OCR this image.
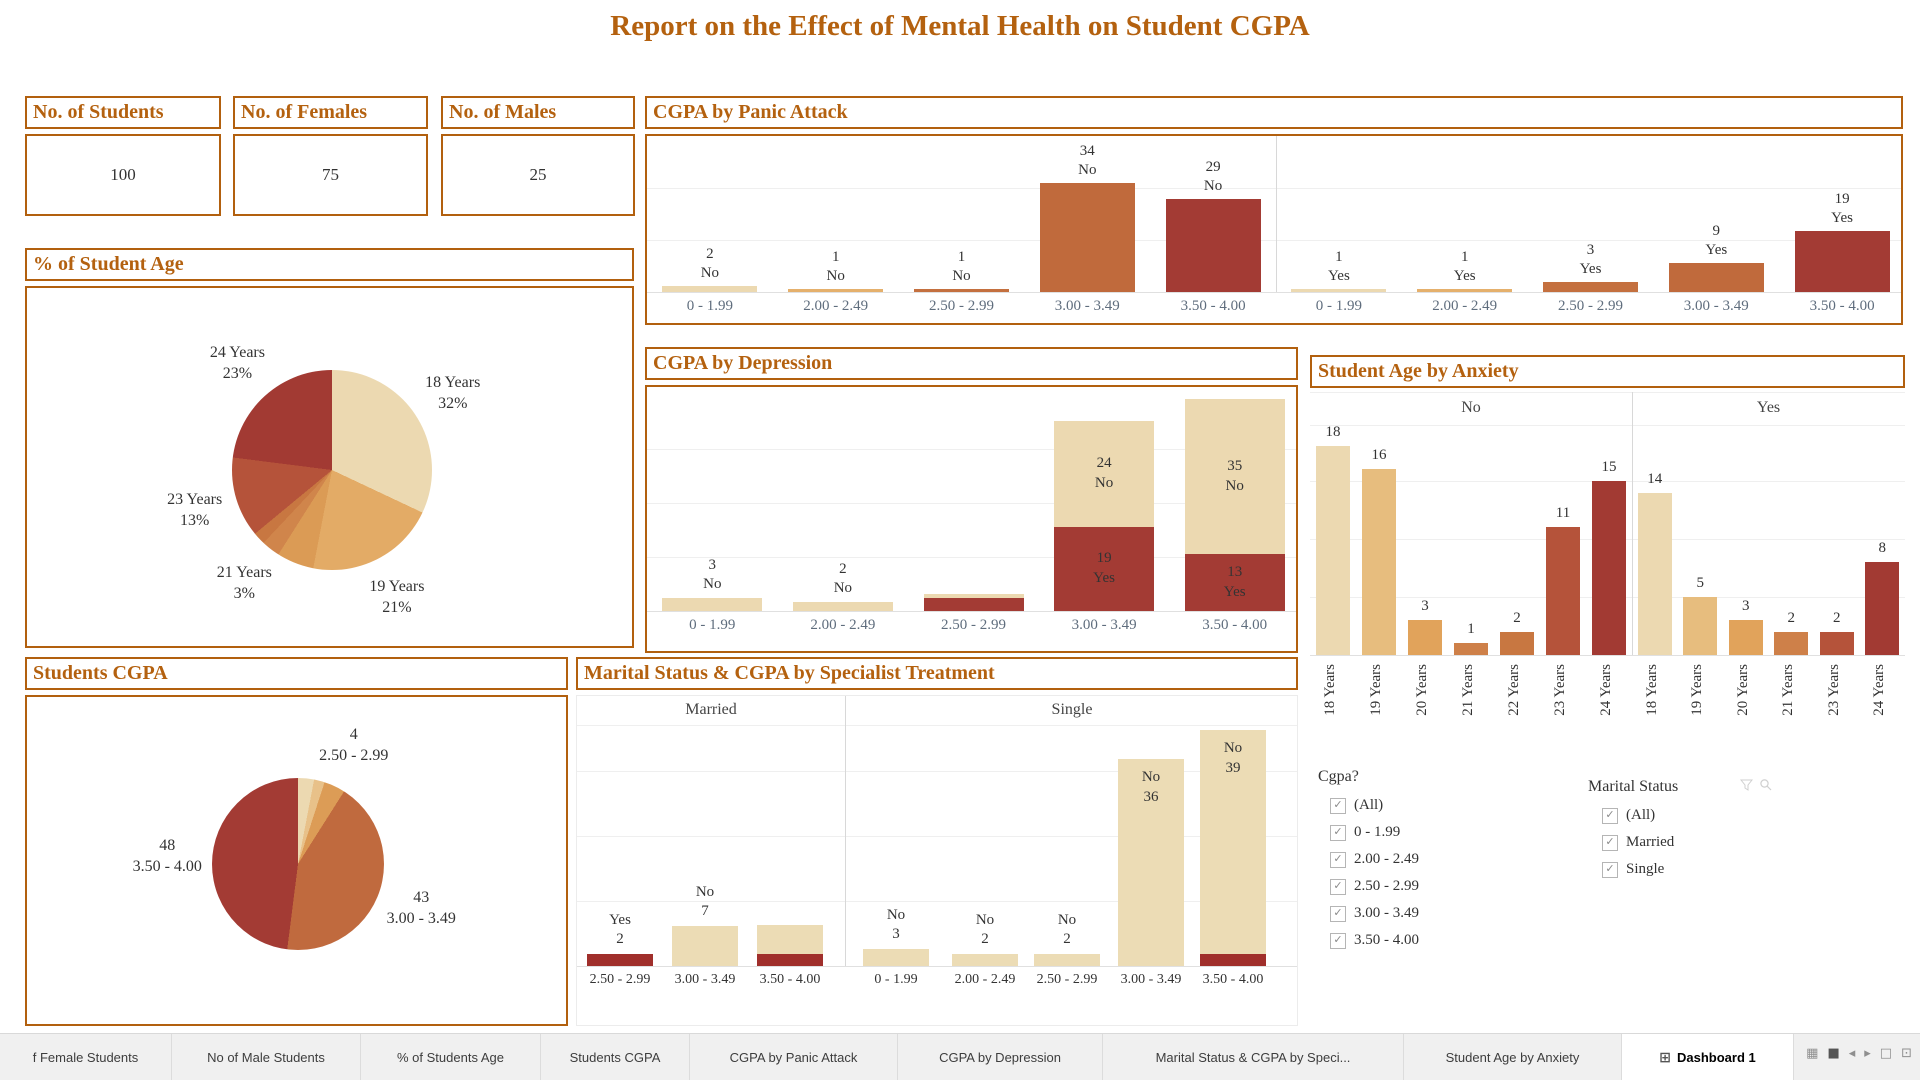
Report on the Effect of Mental Health on Student CGPA
No. of Students
100
No. of Females
75
No. of Males
25
CGPA by Panic Attack
2
No
0 - 1.99
1
No
2.00 - 2.49
1
No
2.50 - 2.99
34
No
3.00 - 3.49
29
No
3.50 - 4.00
1
Yes
0 - 1.99
1
Yes
2.00 - 2.49
3
Yes
2.50 - 2.99
9
Yes
3.00 - 3.49
19
Yes
3.50 - 4.00
% of Student Age
18 Years
32%
19 Years
21%
21 Years
3%
23 Years
13%
24 Years
23%	CGPA by Depression
3
No
0 - 1.99
2
No
2.00 - 2.49	2.50 - 2.99
19
Yes
24
No
3.00 - 3.49
13
Yes
35
No
3.50 - 4.00
Student Age by Anxiety
No	Yes
18
18 Years
16
19 Years
3
20 Years
1
21 Years
2
22 Years
11
23 Years
15
24 Years
14
18 Years
5
19 Years
3
20 Years
2
21 Years
2
23 Years
8
24 Years
Students CGPA
4
2.50 - 2.99
43
3.00 - 3.49
48
3.50 - 4.00
Marital Status & CGPA by Specialist Treatment
Married	Single
Yes
2
2.50 - 2.99
No
7
3.00 - 3.49	3.50 - 4.00
No
3
0 - 1.99
No
2
2.00 - 2.49
No
2
2.50 - 2.99
No
36
3.00 - 3.49
No
39
3.50 - 4.00
Cgpa?
✓ (All)
✓ 0 - 1.99
✓ 2.00 - 2.49
✓ 2.50 - 2.99
✓ 3.00 - 3.49
✓ 3.50 - 4.00
Marital Status
✓ (All)
✓ Married
✓ Single
f Female Students	No of Male Students	% of Students Age	Students CGPA	CGPA by Panic Attack	CGPA by Depression	Marital Status & CGPA by Speci...	Student Age by Anxiety	⊞ Dashboard 1	▦ ■ ◂ ▸ □ ⊡
